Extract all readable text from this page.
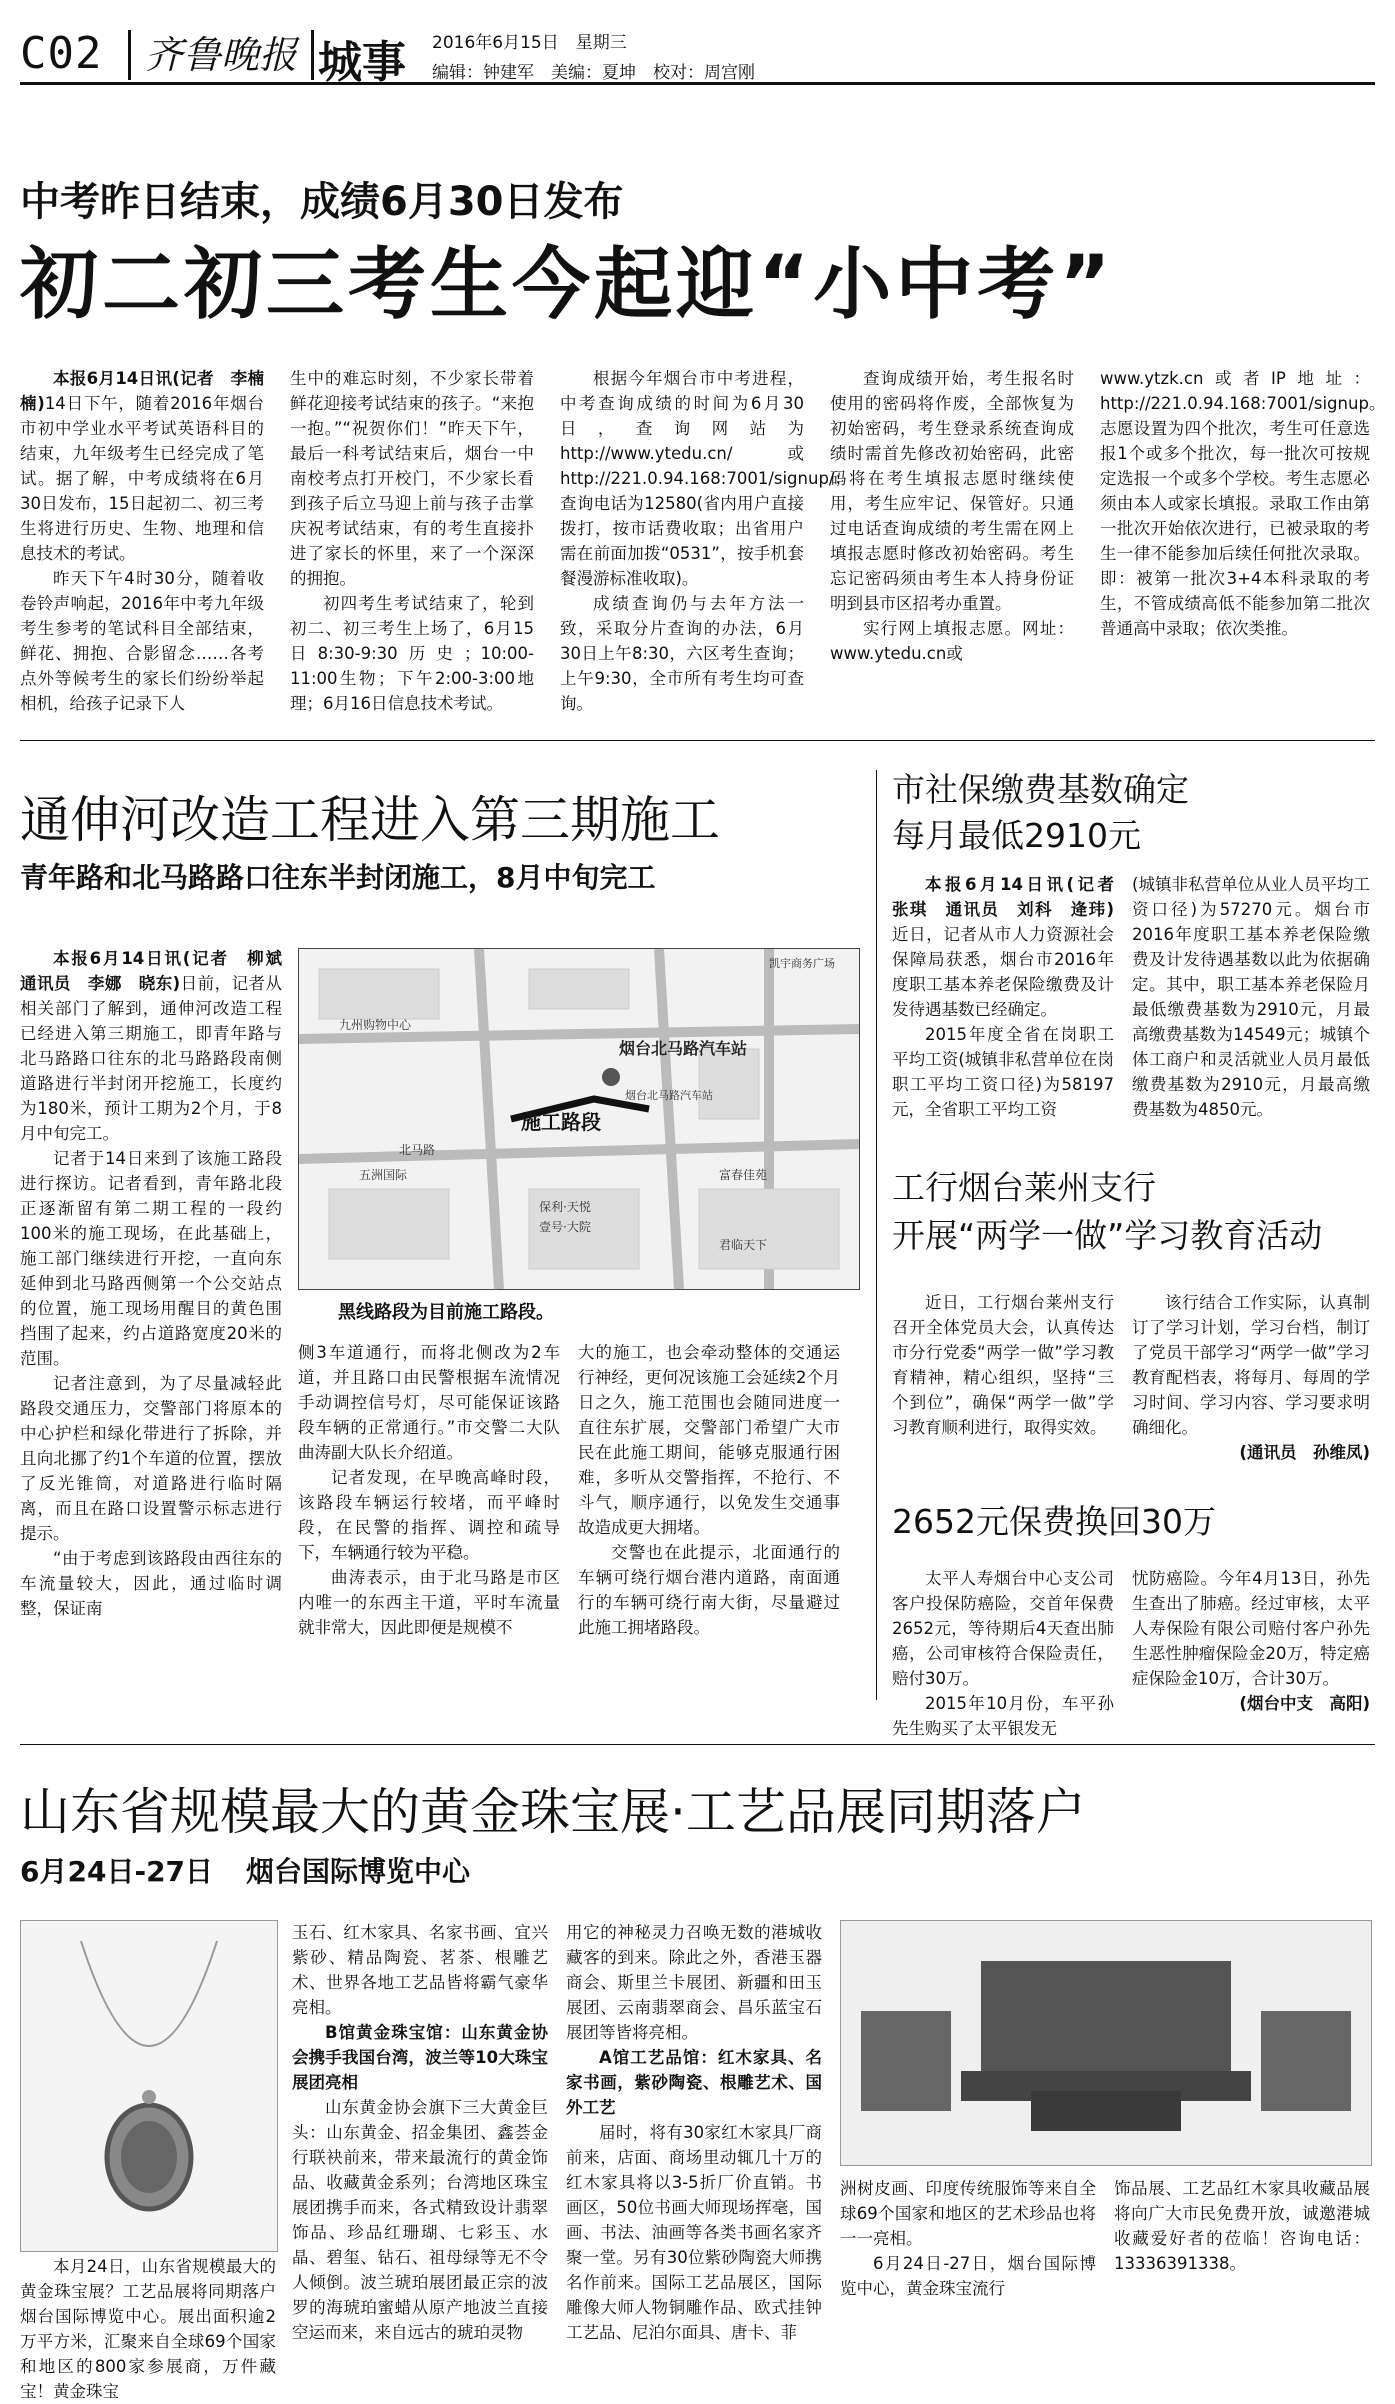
C02	齐鲁晚报 城事 2016年6月15日　星期三
编辑：钟建军　美编：夏坤　校对：周宫刚
中考昨日结束，成绩6月30日发布
初二初三考生今起迎“小中考”

本报6月14日讯(记者　李楠楠)14日下午，随着2016年烟台市初中学业水平考试英语科目的结束，九年级考生已经完成了笔试。据了解，中考成绩将在6月30日发布，15日起初二、初三考生将进行历史、生物、地理和信息技术的考试。

昨天下午4时30分，随着收卷铃声响起，2016年中考九年级考生参考的笔试科目全部结束，鲜花、拥抱、合影留念……各考点外等候考生的家长们纷纷举起相机，给孩子记录下人

生中的难忘时刻，不少家长带着鲜花迎接考试结束的孩子。“来抱一抱。”“祝贺你们！”昨天下午，最后一科考试结束后，烟台一中南校考点打开校门，不少家长看到孩子后立马迎上前与孩子击掌庆祝考试结束，有的考生直接扑进了家长的怀里，来了一个深深的拥抱。

初四考生考试结束了，轮到初二、初三考生上场了，6月15日8:30-9:30历史；10:00-11:00生物；下午2:00-3:00地理；6月16日信息技术考试。

根据今年烟台市中考进程，中考查询成绩的时间为6月30日，查询网站为http://www.ytedu.cn/或http://221.0.94.168:7001/signup/；查询电话为12580(省内用户直接拨打，按市话费收取；出省用户需在前面加拨“0531”，按手机套餐漫游标准收取)。

成绩查询仍与去年方法一致，采取分片查询的办法，6月30日上午8:30，六区考生查询；上午9:30，全市所有考生均可查询。

查询成绩开始，考生报名时使用的密码将作废，全部恢复为初始密码，考生登录系统查询成绩时需首先修改初始密码，此密码将在考生填报志愿时继续使用，考生应牢记、保管好。只通过电话查询成绩的考生需在网上填报志愿时修改初始密码。考生忘记密码须由考生本人持身份证明到县市区招考办重置。

实行网上填报志愿。网址：www.ytedu.cn或

www.ytzk.cn或者IP地址：http://221.0.94.168:7001/signup。志愿设置为四个批次，考生可任意选报1个或多个批次，每一批次可按规定选报一个或多个学校。考生志愿必须由本人或家长填报。录取工作由第一批次开始依次进行，已被录取的考生一律不能参加后续任何批次录取。即：被第一批次3+4本科录取的考生，不管成绩高低不能参加第二批次普通高中录取；依次类推。

通伸河改造工程进入第三期施工
青年路和北马路路口往东半封闭施工，8月中旬完工

本报6月14日讯(记者　柳斌　通讯员　李娜　晓东)日前，记者从相关部门了解到，通伸河改造工程已经进入第三期施工，即青年路与北马路路口往东的北马路路段南侧道路进行半封闭开挖施工，长度约为180米，预计工期为2个月，于8月中旬完工。

记者于14日来到了该施工路段进行探访。记者看到，青年路北段正逐渐留有第二期工程的一段约100米的施工现场，在此基础上，施工部门继续进行开挖，一直向东延伸到北马路西侧第一个公交站点的位置，施工现场用醒目的黄色围挡围了起来，约占道路宽度20米的范围。

记者注意到，为了尽量减轻此路段交通压力，交警部门将原本的中心护栏和绿化带进行了拆除，并且向北挪了约1个车道的位置，摆放了反光锥筒，对道路进行临时隔离，而且在路口设置警示标志进行提示。

“由于考虑到该路段由西往东的车流量较大，因此，通过临时调整，保证南

施工路段
烟台北马路汽车站
烟台北马路汽车站
凯宇商务广场
九州购物中心
北马路
五洲国际	富春佳苑
保利·天悦
壹号·大院
君临天下
黑线路段为目前施工路段。

侧3车道通行，而将北侧改为2车道，并且路口由民警根据车流情况手动调控信号灯，尽可能保证该路段车辆的正常通行。”市交警二大队曲涛副大队长介绍道。

记者发现，在早晚高峰时段，该路段车辆运行较堵，而平峰时段，在民警的指挥、调控和疏导下，车辆通行较为平稳。

曲涛表示，由于北马路是市区内唯一的东西主干道，平时车流量就非常大，因此即便是规模不

大的施工，也会牵动整体的交通运行神经，更何况该施工会延续2个月日之久，施工范围也会随同进度一直往东扩展，交警部门希望广大市民在此施工期间，能够克服通行困难，多听从交警指挥，不抢行、不斗气，顺序通行，以免发生交通事故造成更大拥堵。

交警也在此提示，北面通行的车辆可绕行烟台港内道路，南面通行的车辆可绕行南大街，尽量避过此施工拥堵路段。

市社保缴费基数确定
每月最低2910元

本报6月14日讯(记者　张琪　通讯员　刘科　逄玮)近日，记者从市人力资源社会保障局获悉，烟台市2016年度职工基本养老保险缴费及计发待遇基数已经确定。

2015年度全省在岗职工平均工资(城镇非私营单位在岗职工平均工资口径)为58197元，全省职工平均工资

(城镇非私营单位从业人员平均工资口径)为57270元。烟台市2016年度职工基本养老保险缴费及计发待遇基数以此为依据确定。其中，职工基本养老保险月最低缴费基数为2910元，月最高缴费基数为14549元；城镇个体工商户和灵活就业人员月最低缴费基数为2910元，月最高缴费基数为4850元。

工行烟台莱州支行
开展“两学一做”学习教育活动

近日，工行烟台莱州支行召开全体党员大会，认真传达市分行党委“两学一做”学习教育精神，精心组织，坚持“三个到位”，确保“两学一做”学习教育顺利进行，取得实效。

该行结合工作实际，认真制订了学习计划，学习台档，制订了党员干部学习“两学一做”学习教育配档表，将每月、每周的学习时间、学习内容、学习要求明确细化。

(通讯员　孙维凤)

2652元保费换回30万

太平人寿烟台中心支公司客户投保防癌险，交首年保费2652元，等待期后4天查出肺癌，公司审核符合保险责任，赔付30万。

2015年10月份，车平孙先生购买了太平银发无

忧防癌险。今年4月13日，孙先生查出了肺癌。经过审核，太平人寿保险有限公司赔付客户孙先生恶性肿瘤保险金20万，特定癌症保险金10万，合计30万。

(烟台中支　高阳)

山东省规模最大的黄金珠宝展·工艺品展同期落户
6月24日-27日 烟台国际博览中心

本月24日，山东省规模最大的黄金珠宝展？工艺品展将同期落户烟台国际博览中心。展出面积逾2万平方米，汇聚来自全球69个国家和地区的800家参展商，万件藏宝！黄金珠宝

玉石、红木家具、名家书画、宜兴紫砂、精品陶瓷、茗茶、根雕艺术、世界各地工艺品皆将霸气豪华亮相。

B馆黄金珠宝馆：山东黄金协会携手我国台湾，波兰等10大珠宝展团亮相

山东黄金协会旗下三大黄金巨头：山东黄金、招金集团、鑫荟金行联袂前来，带来最流行的黄金饰品、收藏黄金系列；台湾地区珠宝展团携手而来，各式精致设计翡翠饰品、珍品红珊瑚、七彩玉、水晶、碧玺、钻石、祖母绿等无不令人倾倒。波兰琥珀展团最正宗的波罗的海琥珀蜜蜡从原产地波兰直接空运而来，来自远古的琥珀灵物

用它的神秘灵力召唤无数的港城收藏客的到来。除此之外，香港玉器商会、斯里兰卡展团、新疆和田玉展团、云南翡翠商会、昌乐蓝宝石展团等皆将亮相。

A馆工艺品馆：红木家具、名家书画，紫砂陶瓷、根雕艺术、国外工艺

届时，将有30家红木家具厂商前来，店面、商场里动辄几十万的红木家具将以3-5折厂价直销。书画区，50位书画大师现场挥毫，国画、书法、油画等各类书画名家齐聚一堂。另有30位紫砂陶瓷大师携名作前来。国际工艺品展区，国际雕像大师人物铜雕作品、欧式挂钟工艺品、尼泊尔面具、唐卡、菲

洲树皮画、印度传统服饰等来自全球69个国家和地区的艺术珍品也将一一亮相。

6月24日-27日，烟台国际博览中心，黄金珠宝流行

饰品展、工艺品红木家具收藏品展将向广大市民免费开放，诚邀港城收藏爱好者的莅临！咨询电话：13336391338。
